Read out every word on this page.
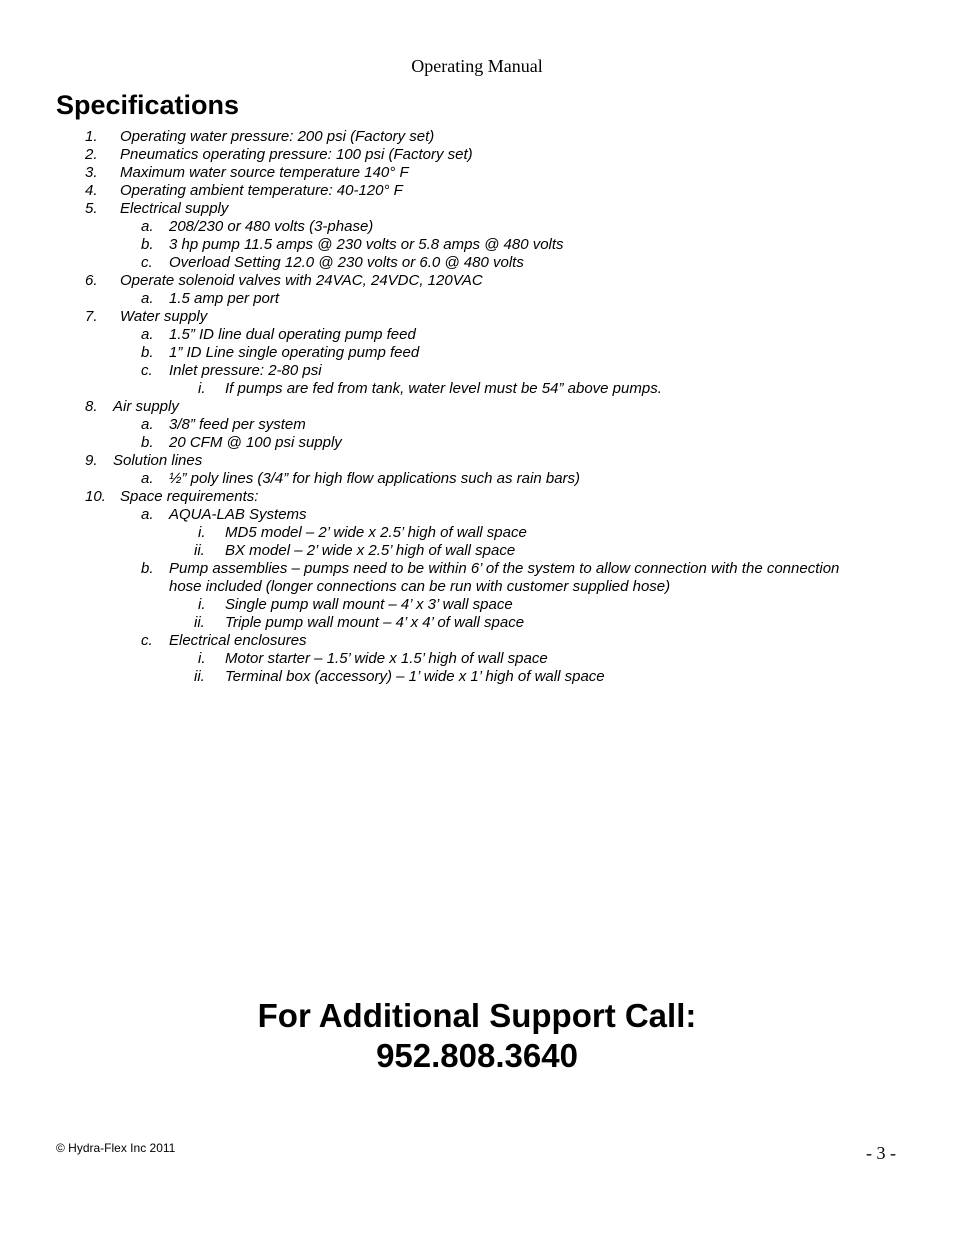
Operating Manual
Specifications
1. Operating water pressure: 200 psi (Factory set)
2. Pneumatics operating pressure: 100 psi (Factory set)
3. Maximum water source temperature 140° F
4. Operating ambient temperature: 40-120° F
5. Electrical supply
a. 208/230 or 480 volts (3-phase)
b. 3 hp pump 11.5 amps @ 230 volts or 5.8 amps @ 480 volts
c. Overload Setting 12.0 @ 230 volts or 6.0 @ 480 volts
6. Operate solenoid valves with 24VAC, 24VDC, 120VAC
a. 1.5 amp per port
7. Water supply
a. 1.5” ID line dual operating pump feed
b. 1” ID Line single operating pump feed
c. Inlet pressure: 2-80 psi
i. If pumps are fed from tank, water level must be 54” above pumps.
8. Air supply
a. 3/8” feed per system
b. 20 CFM @ 100 psi supply
9. Solution lines
a. ½” poly lines (3/4” for high flow applications such as rain bars)
10. Space requirements:
a. AQUA-LAB Systems
i. MD5 model – 2’ wide x 2.5’ high of wall space
ii. BX model – 2’ wide x 2.5’ high of wall space
b. Pump assemblies – pumps need to be within 6’ of the system to allow connection with the connection hose included (longer connections can be run with customer supplied hose)
i. Single pump wall mount – 4’ x 3’ wall space
ii. Triple pump wall mount – 4’ x 4’ of wall space
c. Electrical enclosures
i. Motor starter – 1.5’ wide x 1.5’ high of wall space
ii. Terminal box (accessory) – 1’ wide x 1’ high of wall space
For Additional Support Call:
952.808.3640
© Hydra-Flex Inc 2011	- 3 -
